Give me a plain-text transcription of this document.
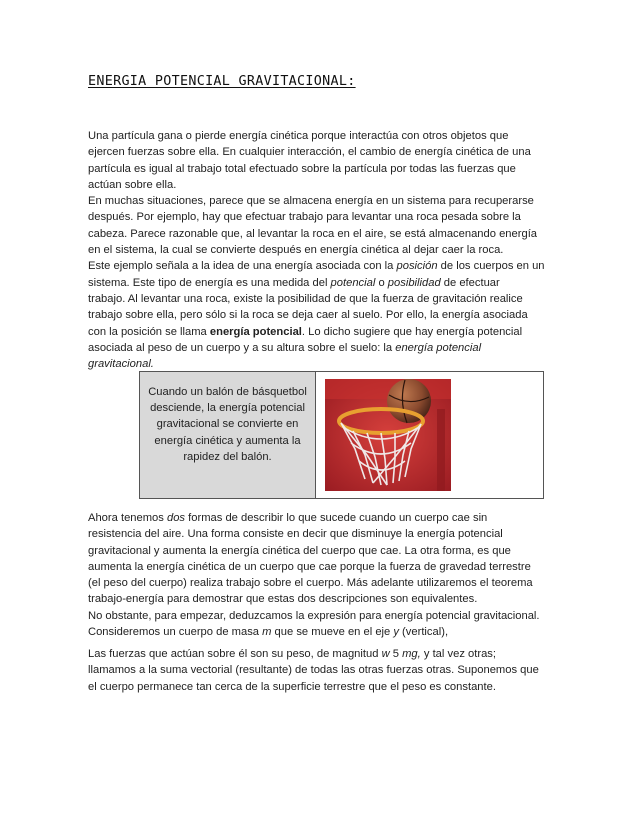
ENERGIA POTENCIAL GRAVITACIONAL:
Una partícula gana o pierde energía cinética porque interactúa con otros objetos que
ejercen fuerzas sobre ella. En cualquier interacción, el cambio de energía cinética de una
partícula es igual al trabajo total efectuado sobre la partícula por todas las fuerzas que
actúan sobre ella.
En muchas situaciones, parece que se almacena energía en un sistema para recuperarse
después. Por ejemplo, hay que efectuar trabajo para levantar una roca pesada sobre la
cabeza. Parece razonable que, al levantar la roca en el aire, se está almacenando energía
en el sistema, la cual se convierte después en energía cinética al dejar caer la roca.
Este ejemplo señala a la idea de una energía asociada con la posición de los cuerpos en un
sistema. Este tipo de energía es una medida del potencial o posibilidad de efectuar
trabajo. Al levantar una roca, existe la posibilidad de que la fuerza de gravitación realice
trabajo sobre ella, pero sólo si la roca se deja caer al suelo. Por ello, la energía asociada
con la posición se llama energía potencial. Lo dicho sugiere que hay energía potencial
asociada al peso de un cuerpo y a su altura sobre el suelo: la energía potencial
gravitacional.
Cuando un balón de básquetbol
desciende, la energía potencial
gravitacional se convierte en
energía cinética y aumenta la
rapidez del balón.
Ahora tenemos dos formas de describir lo que sucede cuando un cuerpo cae sin
resistencia del aire. Una forma consiste en decir que disminuye la energía potencial
gravitacional y aumenta la energía cinética del cuerpo que cae. La otra forma, es que
aumenta la energía cinética de un cuerpo que cae porque la fuerza de gravedad terrestre
(el peso del cuerpo) realiza trabajo sobre el cuerpo. Más adelante utilizaremos el teorema
trabajo-energía para demostrar que estas dos descripciones son equivalentes.
No obstante, para empezar, deduzcamos la expresión para energía potencial gravitacional.
Consideremos un cuerpo de masa m que se mueve en el eje y (vertical),
Las fuerzas que actúan sobre él son su peso, de magnitud w 5 mg, y tal vez otras;
llamamos a la suma vectorial (resultante) de todas las otras fuerzas otras. Suponemos que
el cuerpo permanece tan cerca de la superficie terrestre que el peso es constante.
